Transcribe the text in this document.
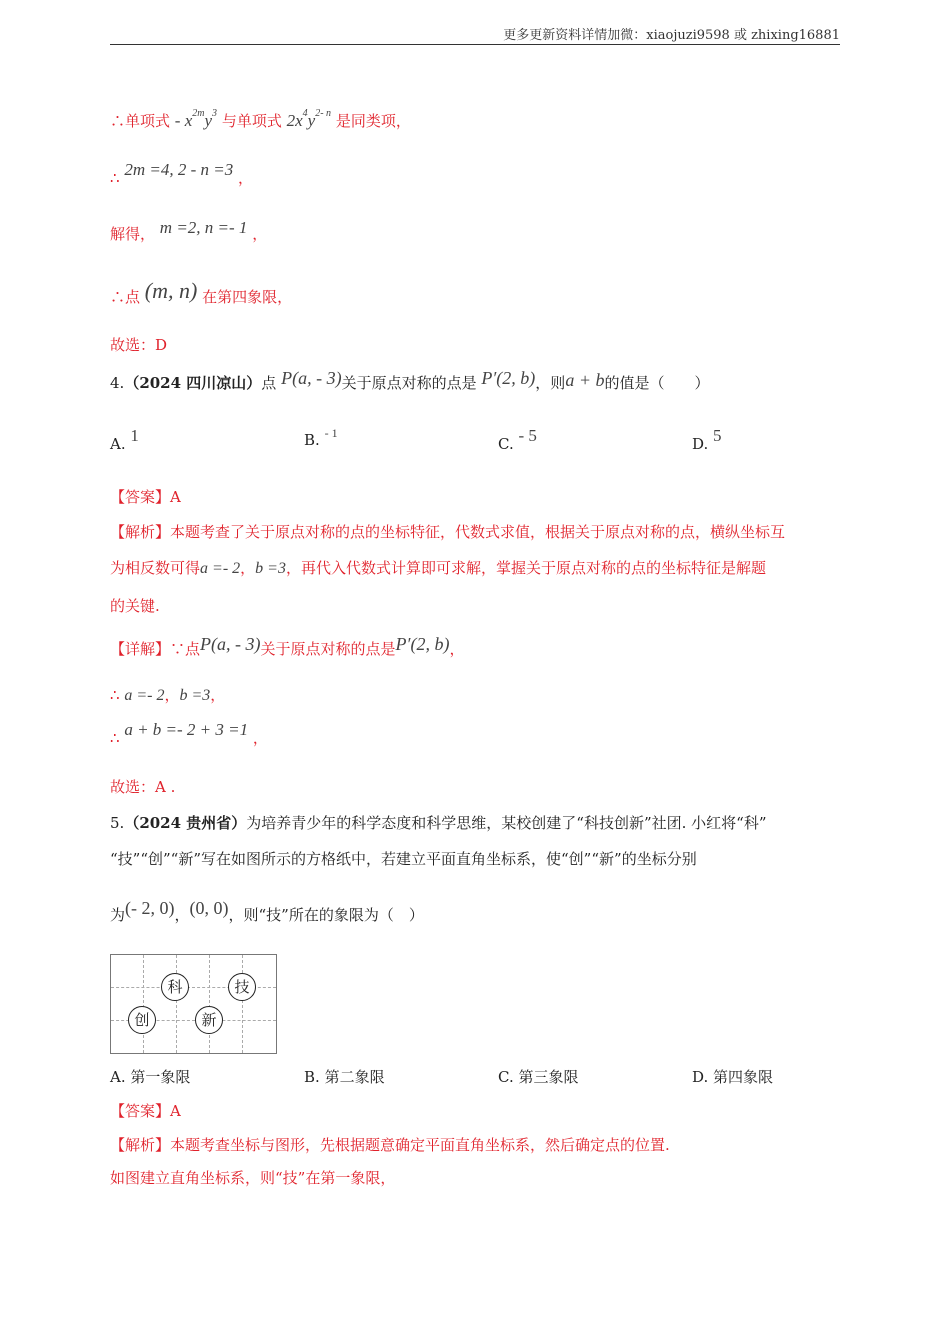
更多更新资料详情加微：xiaojuzi9598 或 zhixing16881
∴单项式 - $x^{2m}y^3$ 与单项式 $2x^4y^{2- n}$ 是同类项，
∴ 2m =4, 2 - n =3 ，
解得， m =2, n =- 1 ，
∴点 (m, n) 在第四象限，
故选：D
4.（2024 四川凉山）点 P(a, - 3)关于原点对称的点是 P′(2, b)，则a + b的值是（　　）
A. 1	B. $^{- 1}$
C. - 5	D. 5
【答案】A
【解析】本题考查了关于原点对称的点的坐标特征，代数式求值，根据关于原点对称的点，横纵坐标互
为相反数可得a =- 2，b =3，再代入代数式计算即可求解，掌握关于原点对称的点的坐标特征是解题
的关键.
【详解】∵点P(a, - 3)关于原点对称的点是P′(2, b)，
∴ a =- 2，b =3，
∴ a + b =- 2 + 3 =1 ，
故选：A .
5.（2024 贵州省）为培养青少年的科学态度和科学思维，某校创建了“科技创新”社团. 小红将“科”
“技”“创”“新”写在如图所示的方格纸中，若建立平面直角坐标系，使“创”“新”的坐标分别
为(- 2, 0)，(0, 0)，则“技”所在的象限为（　）
科	技
创	新
A. 第一象限	B. 第二象限	C. 第三象限	D. 第四象限
【答案】A
【解析】本题考查坐标与图形，先根据题意确定平面直角坐标系，然后确定点的位置.
如图建立直角坐标系，则“技”在第一象限，
